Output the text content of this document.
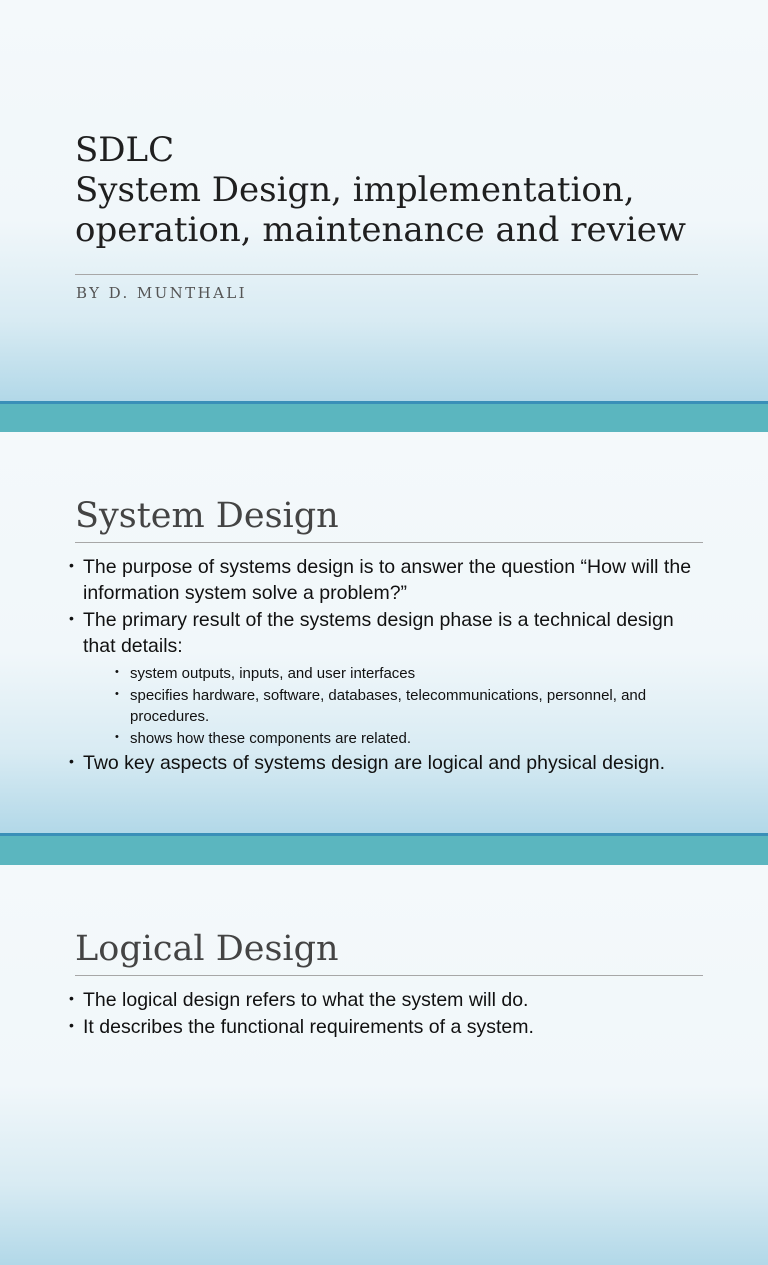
SDLC
System Design, implementation,
operation, maintenance and review

BY D. MUNTHALI

System Design
• The purpose of systems design is to answer the question “How will the information system solve a problem?”
• The primary result of the systems design phase is a technical design that details:
• system outputs, inputs, and user interfaces
• specifies hardware, software, databases, telecommunications, personnel, and procedures.
• shows how these components are related.
• Two key aspects of systems design are logical and physical design.
Logical Design
• The logical design refers to what the system will do.
• It describes the functional requirements of a system.
